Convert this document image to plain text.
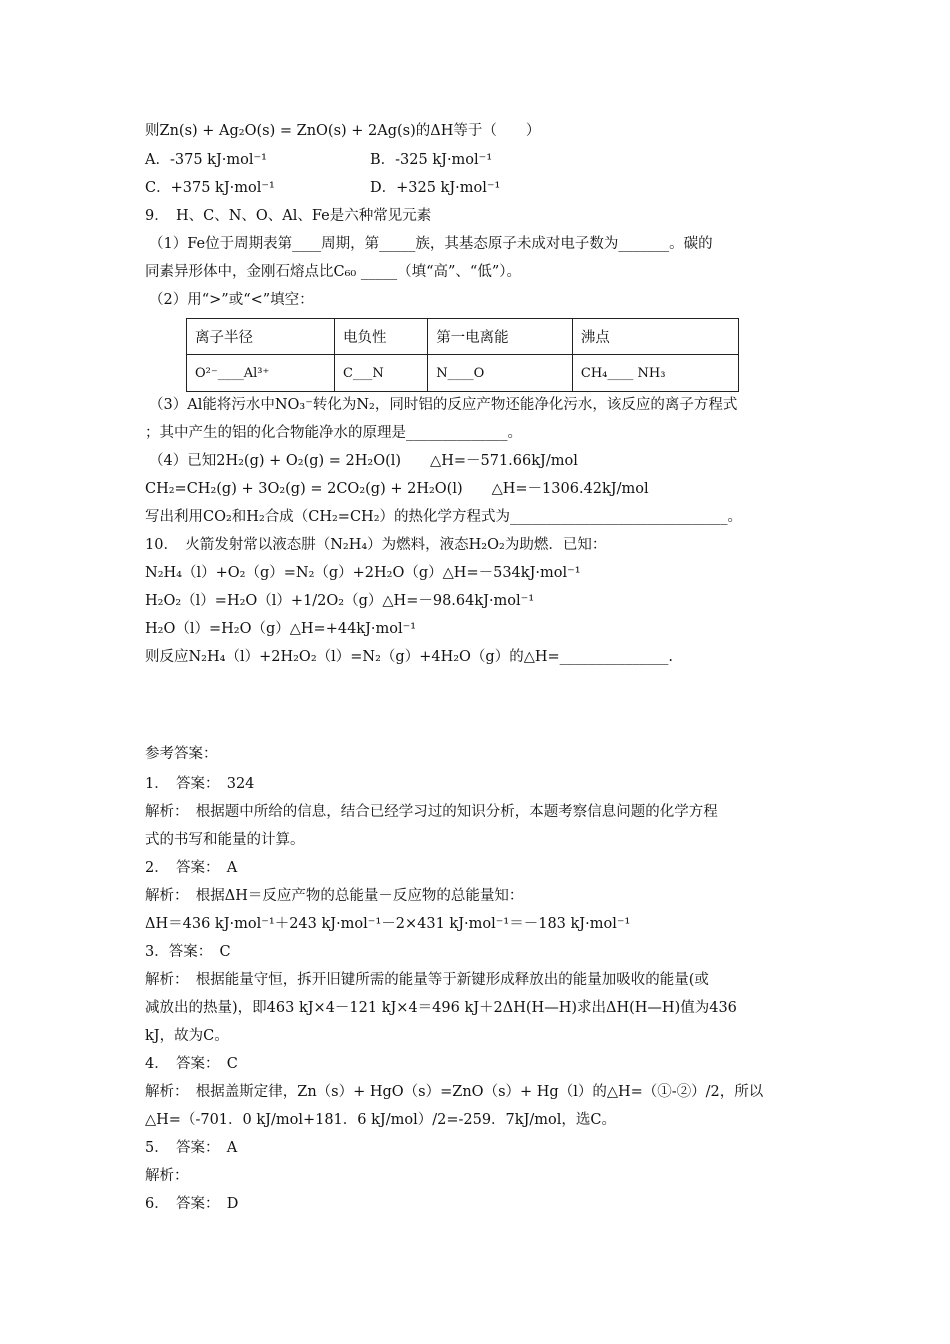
则Zn(s) + Ag₂O(s) = ZnO(s) + 2Ag(s)的ΔH等于（　　）
A．-375 kJ·mol⁻¹	B．-325 kJ·mol⁻¹
C．+375 kJ·mol⁻¹	D．+325 kJ·mol⁻¹
9．　H、C、N、O、Al、Fe是六种常见元素
（1）Fe位于周期表第____周期，第_____族，其基态原子未成对电子数为_______。碳的
同素异形体中，金刚石熔点比C₆₀ _____（填“高”、“低”）。
（2）用“>”或“<”填空：
离子半径	电负性	第一电离能	沸点
O²⁻____Al³⁺	C___N	N____O	CH₄____ NH₃
（3）Al能将污水中NO₃⁻转化为N₂，同时铝的反应产物还能净化污水，该反应的离子方程式
；其中产生的铝的化合物能净水的原理是______________。
（4）已知2H₂(g) + O₂(g) = 2H₂O(l)　　△H=－571.66kJ/mol
CH₂=CH₂(g) + 3O₂(g) = 2CO₂(g) + 2H₂O(l)　　△H=－1306.42kJ/mol
写出利用CO₂和H₂合成（CH₂=CH₂）的热化学方程式为______________________________。
10．　火箭发射常以液态肼（N₂H₄）为燃料，液态H₂O₂为助燃．已知：
N₂H₄（l）+O₂（g）=N₂（g）+2H₂O（g）△H=－534kJ·mol⁻¹
H₂O₂（l）=H₂O（l）+1/2O₂（g）△H=－98.64kJ·mol⁻¹
H₂O（l）=H₂O（g）△H=+44kJ·mol⁻¹
则反应N₂H₄（l）+2H₂O₂（l）=N₂（g）+4H₂O（g）的△H=_______________.
参考答案：
1．　答案：　324
解析：　根据题中所给的信息，结合已经学习过的知识分析，本题考察信息问题的化学方程
式的书写和能量的计算。
2．　答案：　A
解析：　根据ΔH＝反应产物的总能量－反应物的总能量知：
ΔH＝436 kJ·mol⁻¹＋243 kJ·mol⁻¹－2×431 kJ·mol⁻¹＝－183 kJ·mol⁻¹
3．答案：　C
解析：　根据能量守恒，拆开旧键所需的能量等于新键形成释放出的能量加吸收的能量(或
减放出的热量)，即463 kJ×4－121 kJ×4＝496 kJ＋2ΔH(H—H)求出ΔH(H—H)值为436
kJ，故为C。
4．　答案：　C
解析：　根据盖斯定律，Zn（s）+ HgO（s）=ZnO（s）+ Hg（l）的△H=（①-②）/2，所以
△H=（-701．0 kJ/mol+181．6 kJ/mol）/2=-259．7kJ/mol，选C。
5．　答案：　A
解析：
6．　答案：　D
